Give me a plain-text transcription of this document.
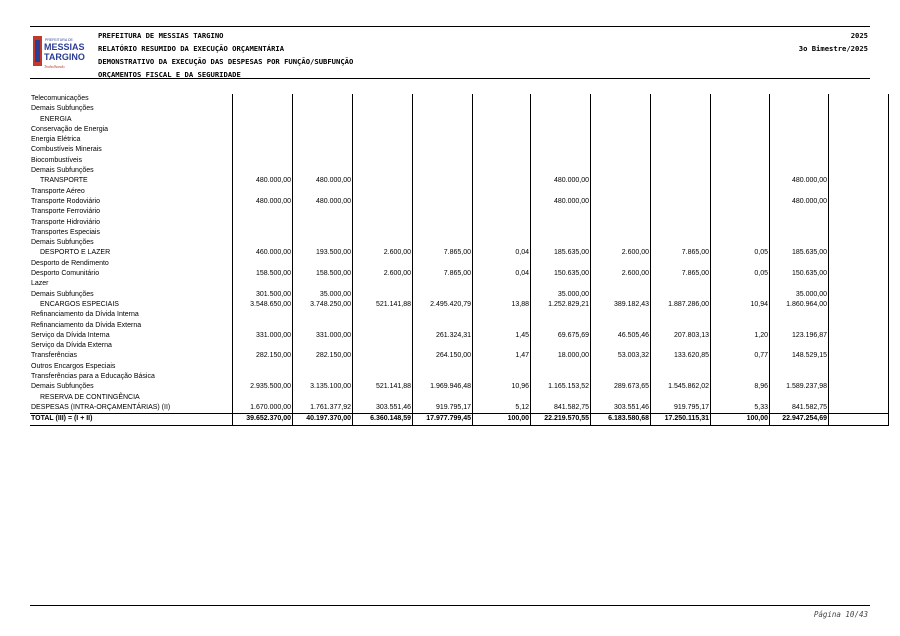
PREFEITURA DE
MESSIAS
TARGINO
Trabalhando
PREFEITURA DE MESSIAS TARGINO
RELATÓRIO RESUMIDO DA EXECUÇÃO ORÇAMENTÁRIA
DEMONSTRATIVO DA EXECUÇÃO DAS DESPESAS POR FUNÇÃO/SUBFUNÇÃO
ORÇAMENTOS FISCAL E DA SEGURIDADE
2025
3o Bimestre/2025
Telecomunicações											
Demais Subfunções											
ENERGIA											
Conservação de Energia											
Energia Elétrica											
Combustíveis Minerais											
Biocombustíveis											
Demais Subfunções											
TRANSPORTE	480.000,00	480.000,00				480.000,00				480.000,00	
Transporte Aéreo											
Transporte Rodoviário	480.000,00	480.000,00				480.000,00				480.000,00	
Transporte Ferroviário											
Transporte Hidroviário											
Transportes Especiais											
Demais Subfunções											
DESPORTO E LAZER	460.000,00	193.500,00	2.600,00	7.865,00	0,04	185.635,00	2.600,00	7.865,00	0,05	185.635,00	
Desporto de Rendimento											
Desporto Comunitário	158.500,00	158.500,00	2.600,00	7.865,00	0,04	150.635,00	2.600,00	7.865,00	0,05	150.635,00	
Lazer											
Demais Subfunções	301.500,00	35.000,00				35.000,00				35.000,00	
ENCARGOS ESPECIAIS	3.548.650,00	3.748.250,00	521.141,88	2.495.420,79	13,88	1.252.829,21	389.182,43	1.887.286,00	10,94	1.860.964,00	
Refinanciamento da Dívida Interna											
Refinanciamento da Dívida Externa											
Serviço da Dívida Interna	331.000,00	331.000,00		261.324,31	1,45	69.675,69	46.505,46	207.803,13	1,20	123.196,87	
Serviço da Dívida Externa											
Transferências	282.150,00	282.150,00		264.150,00	1,47	18.000,00	53.003,32	133.620,85	0,77	148.529,15	
Outros Encargos Especiais											
Transferências para a Educação Básica											
Demais Subfunções	2.935.500,00	3.135.100,00	521.141,88	1.969.946,48	10,96	1.165.153,52	289.673,65	1.545.862,02	8,96	1.589.237,98	
RESERVA DE CONTINGÊNCIA											
DESPESAS (INTRA-ORÇAMENTÁRIAS) (II)	1.670.000,00	1.761.377,92	303.551,46	919.795,17	5,12	841.582,75	303.551,46	919.795,17	5,33	841.582,75	
TOTAL (III) = (I + II)	39.652.370,00	40.197.370,00	6.360.148,59	17.977.799,45	100,00	22.219.570,55	6.183.580,68	17.250.115,31	100,00	22.947.254,69	
Página 10/43
